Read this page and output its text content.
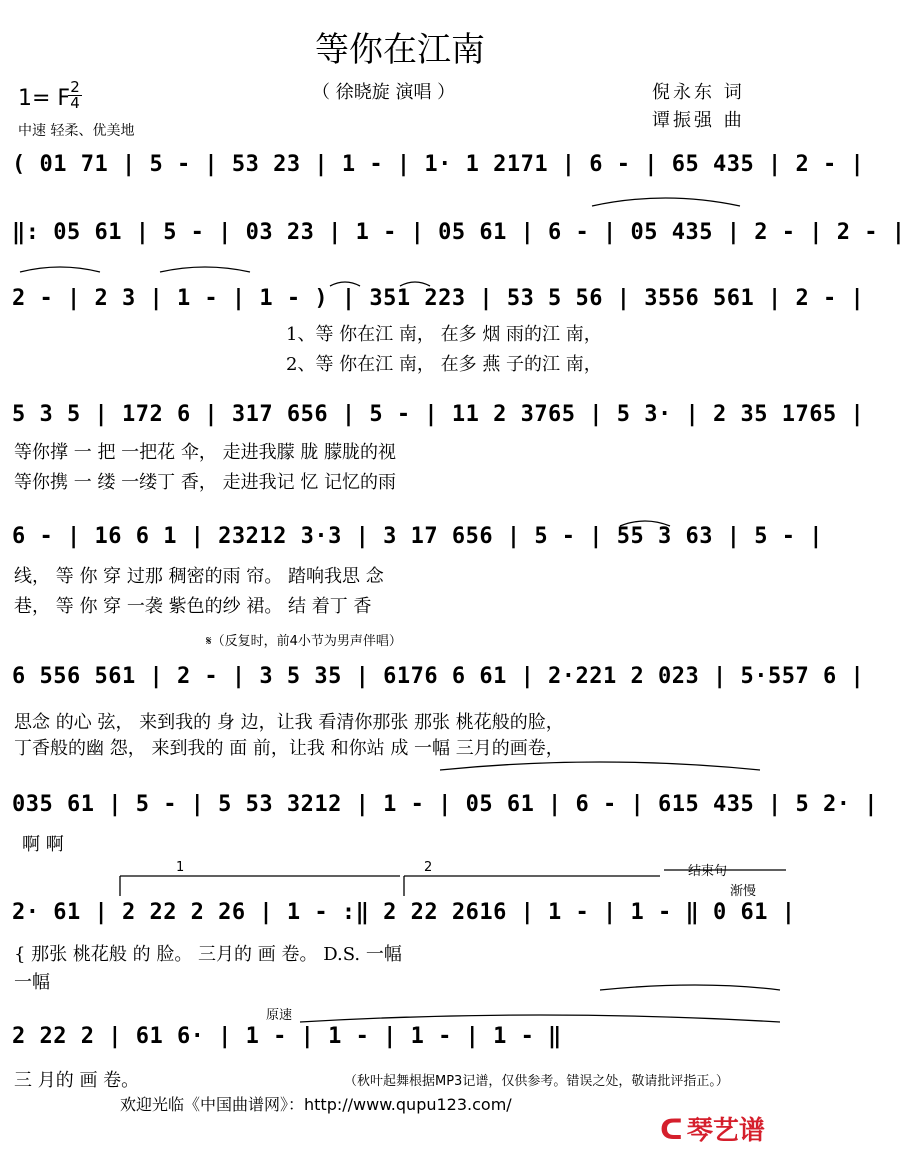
等你在江南
（ 徐晓旋 演唱 ）
1= F 2
4
中速 轻柔、优美地
倪永东 词
谭振强 曲
( 01 71 | 5 - | 53 23 | 1 - | 1· 1 2171 | 6 - | 65 435 | 2 - |
‖: 05 61 | 5 - | 03 23 | 1 - | 05 61 | 6 - | 05 435 | 2 - | 2 - |
2 - | 2 3 | 1 - | 1 - ) | 351 223 | 53 5 56 | 3556 561 | 2 - |
1、等 你在江 南， 在多 烟 雨的江 南，
2、等 你在江 南， 在多 燕 子的江 南，
5 3 5 | 172 6 | 317 656 | 5 - | 11 2 3765 | 5 3· | 2 35 1765 |
等你撑 一 把 一把花 伞， 走进我朦 胧 朦胧的视
等你携 一 缕 一缕丁 香， 走进我记 忆 记忆的雨
6 - | 16 6 1 | 23212 3·3 | 3 17 656 | 5 - | 55 3 63 | 5 - |
线， 等 你 穿 过那 稠密的雨 帘。 踏响我思 念
巷， 等 你 穿 一袭 紫色的纱 裙。 结 着丁 香
𝄋（反复时，前4小节为男声伴唱）
6 556 561 | 2 - | 3 5 35 | 6176 6 61 | 2·221 2 023 | 5·557 6 |
思念 的心 弦， 来到我的 身 边，让我 看清你那张 那张 桃花般的脸，
丁香般的幽 怨， 来到我的 面 前，让我 和你站 成 一幅 三月的画卷，
035 61 | 5 - | 5 53 3212 | 1 - | 05 61 | 6 - | 615 435 | 5 2· |
啊 啊
1	2	结束句
渐慢
2· 61 | 2 22 2 26 | 1 - :‖ 2 22 2616 | 1 - | 1 - ‖ 0 61 |
{ 那张 桃花般 的 脸。 三月的 画 卷。 D.S. 一幅
一幅
原速
2 22 2 | 61 6· | 1 - | 1 - | 1 - | 1 - ‖
三 月的 画 卷。	（秋叶起舞根据MP3记谱，仅供参考。错误之处，敬请批评指正。）
欢迎光临《中国曲谱网》：http://www.qupu123.com/
ᑕ 琴艺谱
